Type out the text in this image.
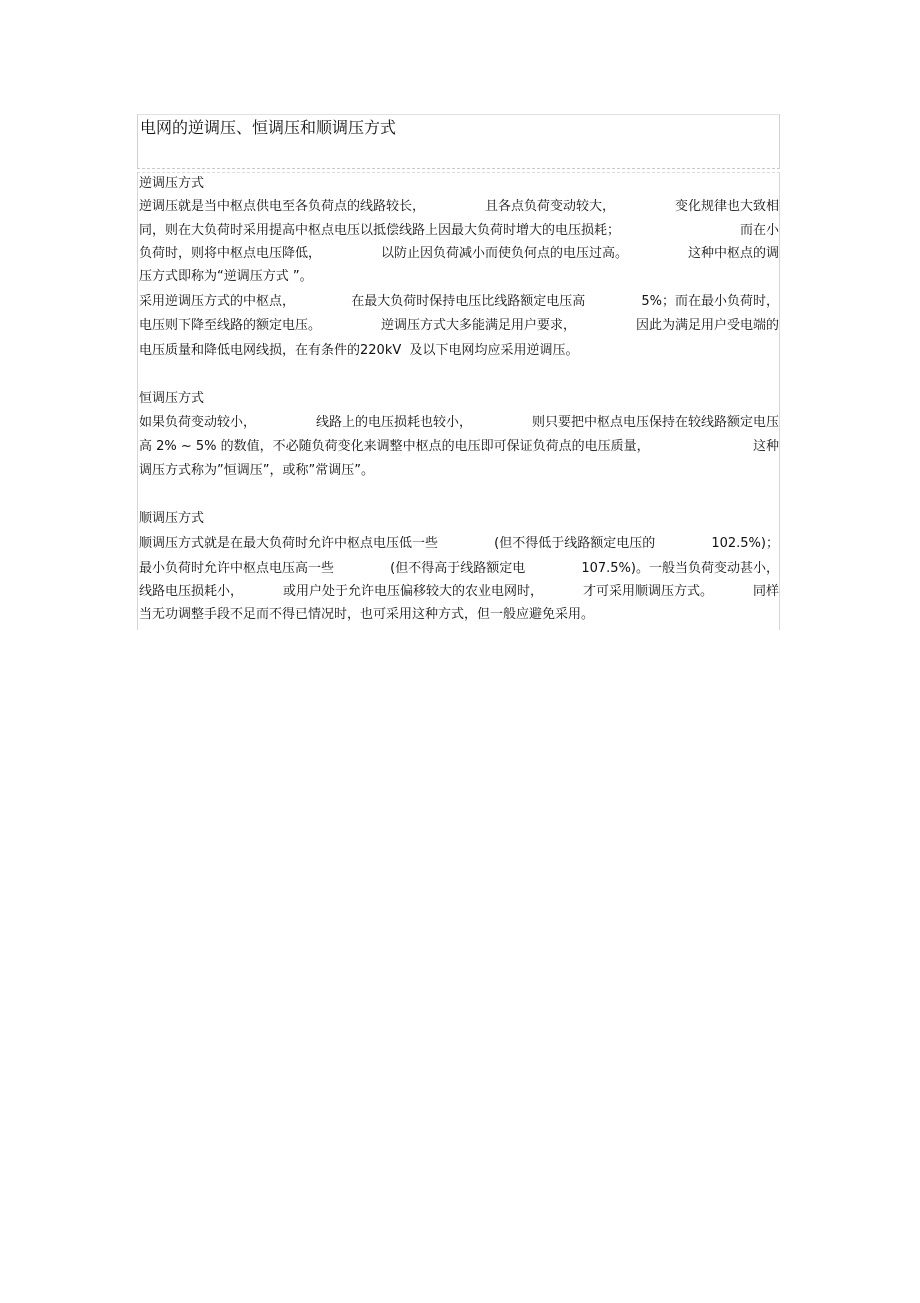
电网的逆调压、恒调压和顺调压方式
逆调压方式
逆调压就是当中枢点供电至各负荷点的线路较长，	且各点负荷变动较大，	变化规律也大致相
同，则在大负荷时采用提高中枢点电压以抵偿线路上因最大负荷时增大的电压损耗；	而在小
负荷时，则将中枢点电压降低，	以防止因负荷减小而使负何点的电压过高。	这种中枢点的调
压方式即称为“逆调压方式 ”。
采用逆调压方式的中枢点，	在最大负荷时保持电压比线路额定电压高	5%；而在最小负荷时，
电压则下降至线路的额定电压。	逆调压方式大多能满足用户要求，	因此为满足用户受电端的
电压质量和降低电网线损，在有条件的220kV  及以下电网均应采用逆调压。
恒调压方式
如果负荷变动较小，	线路上的电压损耗也较小，	则只要把中枢点电压保持在较线路额定电压
高 2% ~ 5% 的数值，不必随负荷变化来调整中枢点的电压即可保证负荷点的电压质量，	这种
调压方式称为”恒调压”，或称”常调压”。
顺调压方式
顺调压方式就是在最大负荷时允许中枢点电压低一些	(但不得低于线路额定电压的	102.5%)；
最小负荷时允许中枢点电压高一些	(但不得高于线路额定电	107.5%)。一般当负荷变动甚小，
线路电压损耗小，	或用户处于允许电压偏移较大的农业电网时，	才可采用顺调压方式。	同样
当无功调整手段不足而不得已情况时，也可采用这种方式，但一般应避免采用。
